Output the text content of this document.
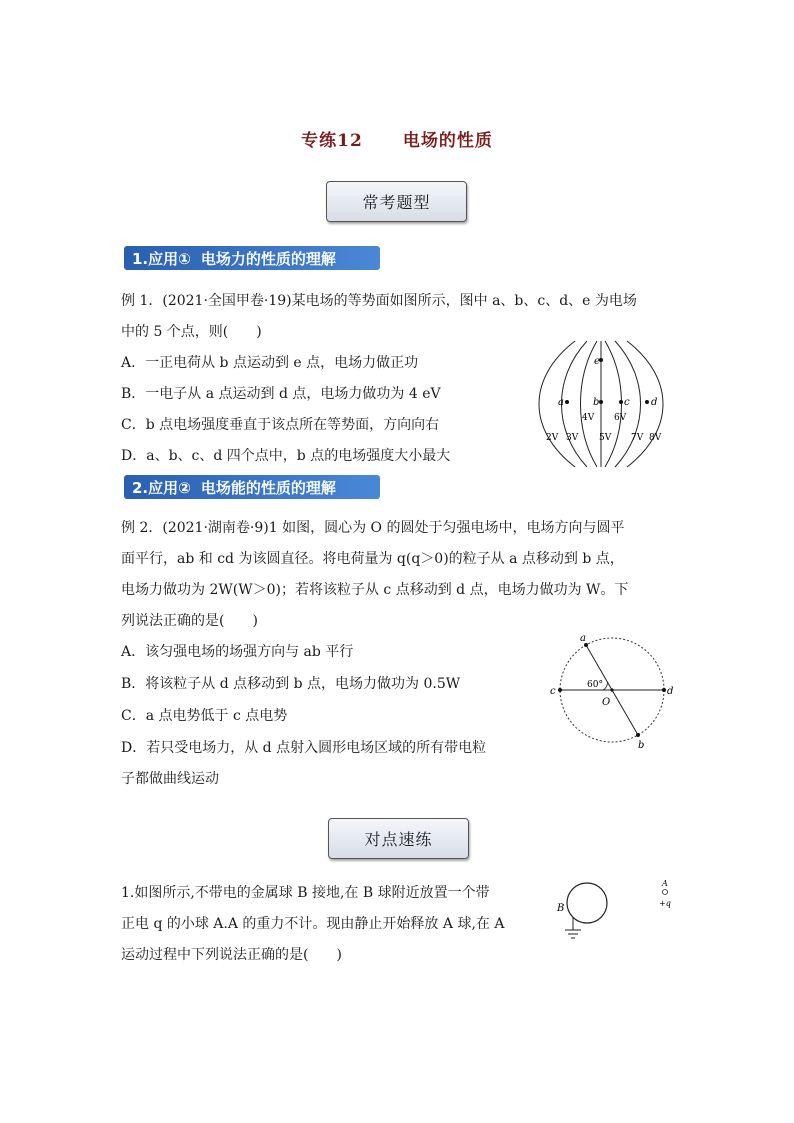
专练12 电场的性质
常考题型
1.应用① 电场力的性质的理解
例 1．(2021·全国甲卷·19)某电场的等势面如图所示，图中 a、b、c、d、e 为电场
中的 5 个点，则(　　)
A．一正电荷从 b 点运动到 e 点，电场力做正功
B．一电子从 a 点运动到 d 点，电场力做功为 4 eV
C．b 点电场强度垂直于该点所在等势面，方向向右
D．a、b、c、d 四个点中，b 点的电场强度大小最大
e
a	b c d
4V 6V
2V 3V 5V 7V 8V
2.应用② 电场能的性质的理解
例 2．(2021·湖南卷·9)1 如图，圆心为 O 的圆处于匀强电场中，电场方向与圆平
面平行，ab 和 cd 为该圆直径。将电荷量为 q(q＞0)的粒子从 a 点移动到 b 点，
电场力做功为 2W(W＞0)；若将该粒子从 c 点移动到 d 点，电场力做功为 W。下
列说法正确的是(　　)
A．该匀强电场的场强方向与 ab 平行
B．将该粒子从 d 点移动到 b 点，电场力做功为 0.5W
C．a 点电势低于 c 点电势
D．若只受电场力，从 d 点射入圆形电场区域的所有带电粒
子都做曲线运动
a
b
c	d
O
60°
对点速练
1.如图所示,不带电的金属球 B 接地,在 B 球附近放置一个带
正电 q 的小球 A.A 的重力不计。现由静止开始释放 A 球,在 A
运动过程中下列说法正确的是(　　)
B
A
+q
